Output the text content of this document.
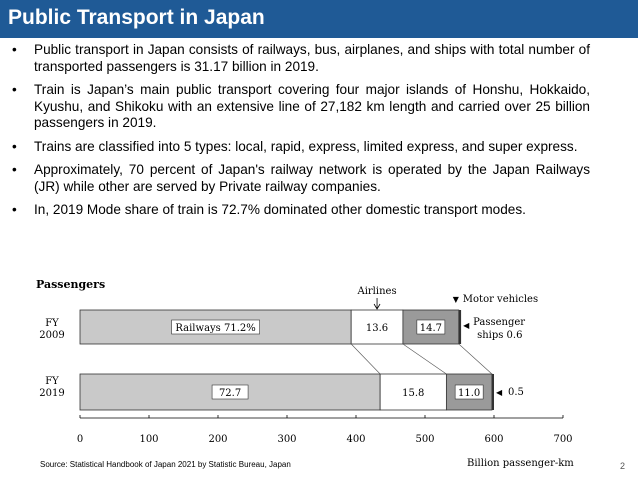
Public Transport in Japan
• Public transport in Japan consists of railways, bus, airplanes, and ships with total number of transported passengers is 31.17 billion in 2019.
• Train is Japan’s main public transport covering four major islands of Honshu, Hokkaido, Kyushu, and Shikoku with an extensive line of 27,182 km length and carried over 25 billion passengers in 2019.
• Trains are classified into 5 types: local, rapid, express, limited express, and super express.
• Approximately, 70 percent of Japan's railway network is operated by the Japan Railways (JR) while other are served by Private railway companies.
• In, 2019 Mode share of train is 72.7% dominated other domestic transport modes.
Passengers
FY
2009
FY
2019
Railways 71.2%	13.6	14.7
72.7	15.8	11.0
Airlines
▼ Motor vehicles
◀ Passenger
ships 0.6
◀ 0.5
0	100	200	300	400	500	600	700
Billion passenger-km
Source: Statistical Handbook of Japan 2021 by Statistic Bureau, Japan	2
